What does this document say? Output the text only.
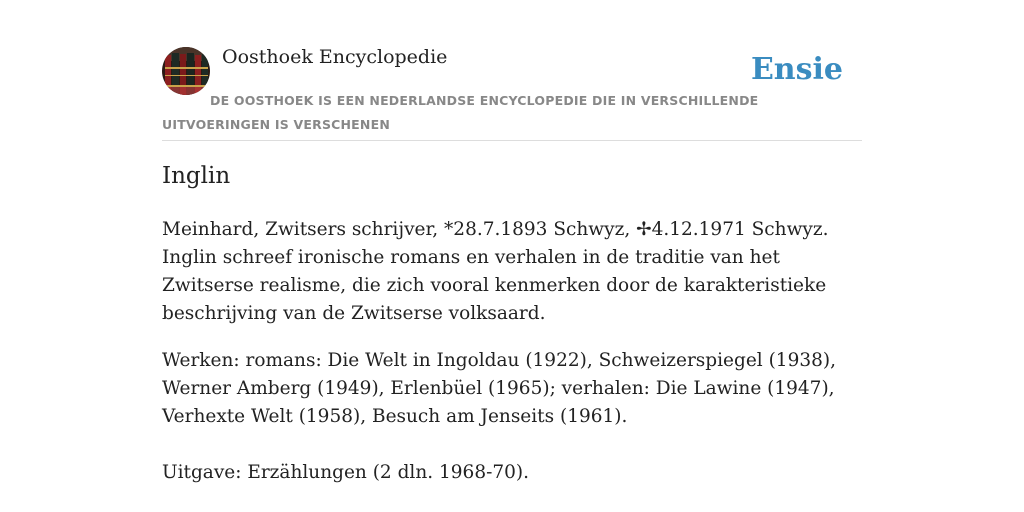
Oosthoek Encyclopedie	Ensie
DE OOSTHOEK IS EEN NEDERLANDSE ENCYCLOPEDIE DIE IN VERSCHILLENDE UITVOERINGEN IS VERSCHENEN
Inglin

Meinhard, Zwitsers schrijver, *28.7.1893 Schwyz, ✢4.12.1971 Schwyz. Inglin schreef ironische romans en verhalen in de traditie van het Zwitserse realisme, die zich vooral kenmerken door de karakteristieke beschrijving van de Zwitserse volksaard.

Werken: romans: Die Welt in Ingoldau (1922), Schweizerspiegel (1938), Werner Amberg (1949), Erlenbüel (1965); verhalen: Die Lawine (1947), Verhexte Welt (1958), Besuch am Jenseits (1961).

Uitgave: Erzählungen (2 dln. 1968-70).
